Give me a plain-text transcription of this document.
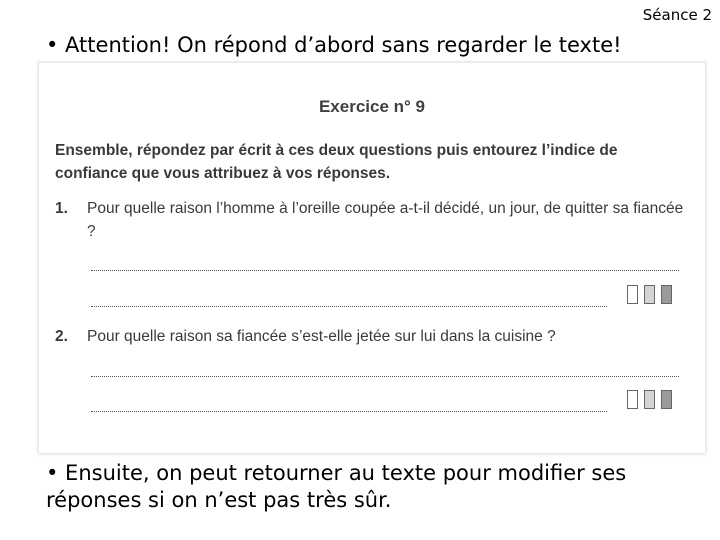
Séance 2
• Attention! On répond d’abord sans regarder le texte!
Exercice n° 9
Ensemble, répondez par écrit à ces deux questions puis entourez l’indice de confiance que vous attribuez à vos réponses.
1. Pour quelle raison l’homme à l’oreille coupée a-t-il décidé, un jour, de quitter sa fiancée ?
2. Pour quelle raison sa fiancée s’est-elle jetée sur lui dans la cuisine ?
• Ensuite, on peut retourner au texte pour modifier ses réponses si on n’est pas très sûr.
